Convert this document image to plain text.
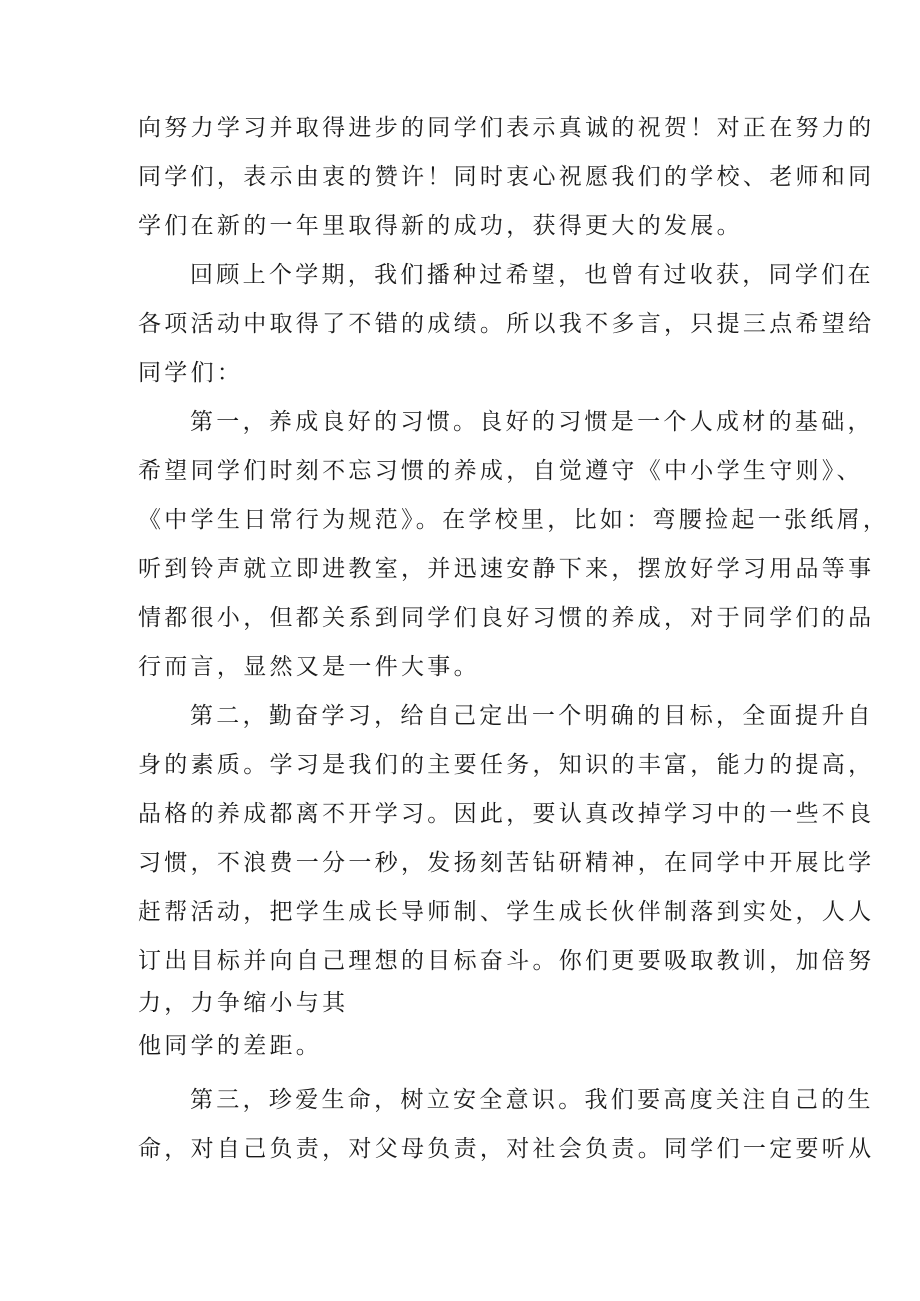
向努力学习并取得进步的同学们表示真诚的祝贺！对正在努力的
同学们，表示由衷的赞许！同时衷心祝愿我们的学校、老师和同
学们在新的一年里取得新的成功，获得更大的发展。
回顾上个学期，我们播种过希望，也曾有过收获，同学们在
各项活动中取得了不错的成绩。所以我不多言，只提三点希望给
同学们：
第一，养成良好的习惯。良好的习惯是一个人成材的基础，
希望同学们时刻不忘习惯的养成，自觉遵守《中小学生守则》、
《中学生日常行为规范》。在学校里，比如：弯腰捡起一张纸屑，
听到铃声就立即进教室，并迅速安静下来，摆放好学习用品等事
情都很小，但都关系到同学们良好习惯的养成，对于同学们的品
行而言，显然又是一件大事。
第二，勤奋学习，给自己定出一个明确的目标，全面提升自
身的素质。学习是我们的主要任务，知识的丰富，能力的提高，
品格的养成都离不开学习。因此，要认真改掉学习中的一些不良
习惯，不浪费一分一秒，发扬刻苦钻研精神，在同学中开展比学
赶帮活动，把学生成长导师制、学生成长伙伴制落到实处，人人
订出目标并向自己理想的目标奋斗。你们更要吸取教训，加倍努
力，力争缩小与其
他同学的差距。
第三，珍爱生命，树立安全意识。我们要高度关注自己的生
命，对自己负责，对父母负责，对社会负责。同学们一定要听从
